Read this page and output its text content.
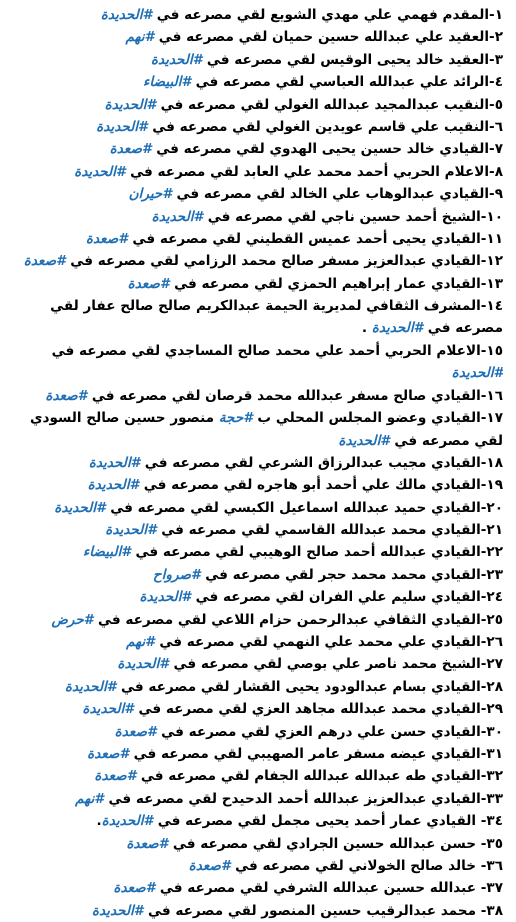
١-المقدم فهمي علي مهدي الشويع لقي مصرعه في #الحديدة
٢-العقيد علي عبدالله حسين حميان لقي مصرعه في #نهم
٣-العقيد خالد يحيى الوقيس لقي مصرعه في #الحديدة
٤-الرائد علي عبدالله العباسي لقي مصرعه في #البيضاء
٥-النقيب عبدالمجيد عبدالله الغولي لقي مصرعه في #الحديدة
٦-النقيب علي قاسم عويدين الغولي لقي مصرعه في #الحديدة
٧-القيادي خالد حسين يحيى الهدوي لقي مصرعه في #صعدة
٨-الاعلام الحربي أحمد محمد علي العابد لقي مصرعه في #الحديدة
٩-القيادي عبدالوهاب علي الخالد لقي مصرعه في #حيران
١٠-الشيخ أحمد حسين ناجي لقي مصرعه في #الحديدة
١١-القيادي يحيى أحمد عميس القطيني لقي مصرعه في #صعدة
١٢-القيادي عبدالعزيز مسفر صالح محمد الرزامي لقي مصرعه في #صعدة
١٣-القيادي عمار إبراهيم الحمزي لقي مصرعه في #صعدة
١٤-المشرف الثقافي لمديرية الحيمة عبدالكريم صالح صالح عفار لقي مصرعه في #الحديدة .
١٥-الاعلام الحربي أحمد علي محمد صالح المساجدي لقي مصرعه في #الحديدة
١٦-القيادي صالح مسفر عبدالله محمد قرصان لقي مصرعه في #صعدة
١٧-القيادي وعضو المجلس المحلي ب #حجة منصور حسين صالح السودي لقي مصرعه في #الحديدة
١٨-القيادي مجيب عبدالرزاق الشرعي لقي مصرعه في #الحديدة
١٩-القيادي مالك علي أحمد أبو هاجره لقي مصرعه في #الحديدة
٢٠-القيادي حميد عبدالله اسماعيل الكبسي لقي مصرعه في #الحديدة
٢١-القيادي محمد عبدالله القاسمي لقي مصرعه في #الحديدة
٢٢-القيادي عبدالله أحمد صالح الوهيبي لقي مصرعه في #البيضاء
٢٣-القيادي محمد محمد حجر لقي مصرعه في #صرواح
٢٤-القيادي سليم علي الفران لقي مصرعه في #الحديدة
٢٥-القيادي الثقافي عبدالرحمن حزام اللاعي لقي مصرعه في #حرض
٢٦-القيادي علي محمد علي النهمي لقي مصرعه في #نهم
٢٧-الشيخ محمد ناصر علي بوصي لقي مصرعه في #الحديدة
٢٨-القيادي بسام عبدالودود يحيى القشار لقي مصرعه في #الحديدة
٢٩-القيادي محمد عبدالله مجاهد العزي لقي مصرعه في #الحديدة
٣٠-القيادي حسن علي درهم العزي لقي مصرعه في #صعدة
٣١-القيادي عيضه مسفر عامر الصهيبي لقي مصرعه في #صعدة
٣٢-القيادي طه عبدالله عبدالله الجفام لقي مصرعه في #صعدة
٣٣-القيادي عبدالعزيز عبدالله أحمد الدحيدح لقي مصرعه في #نهم
٣٤- القيادي عمار أحمد يحيى مجمل لقي مصرعه في #الحديدة.
٣٥- حسن عبدالله حسين الجرادي لقي مصرعه في #صعدة
٣٦- خالد صالح الخولاني لقي مصرعه في #صعدة
٣٧- عبدالله حسين عبدالله الشرفي لقي مصرعه في #صعدة
٣٨- محمد عبدالرقيب حسين المنصور لقي مصرعه في #الحديدة
